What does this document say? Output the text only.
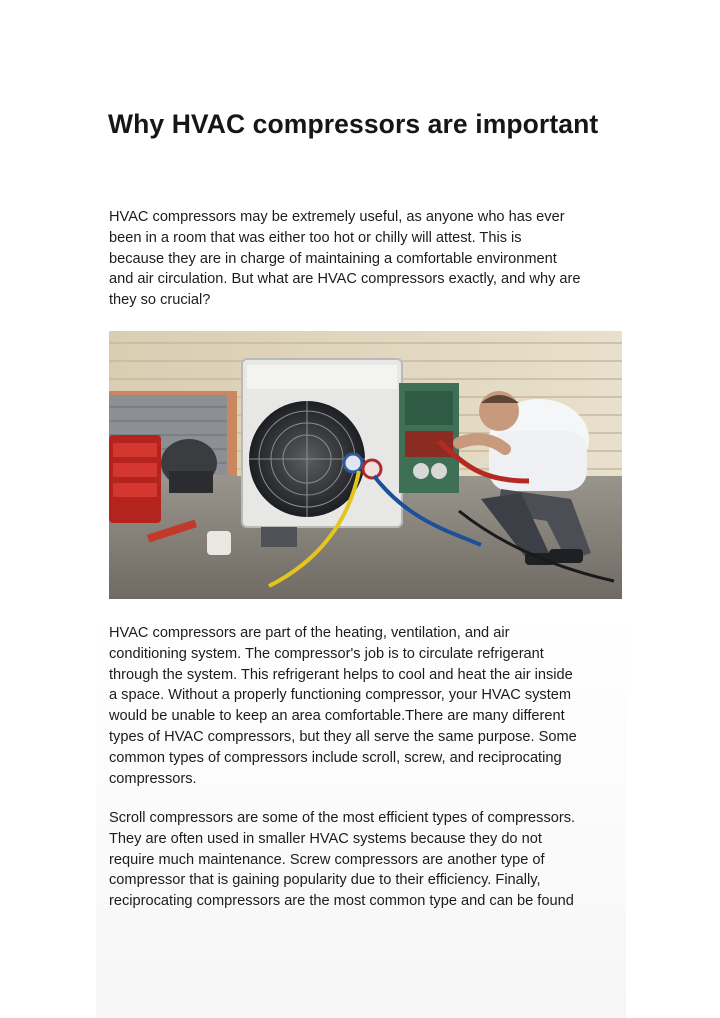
Why HVAC compressors are important

HVAC compressors may be extremely useful, as anyone who has ever
been in a room that was either too hot or chilly will attest. This is
because they are in charge of maintaining a comfortable environment
and air circulation. But what are HVAC compressors exactly, and why are
they so crucial?

HVAC compressors are part of the heating, ventilation, and air
conditioning system. The compressor's job is to circulate refrigerant
through the system. This refrigerant helps to cool and heat the air inside
a space. Without a properly functioning compressor, your HVAC system
would be unable to keep an area comfortable.There are many different
types of HVAC compressors, but they all serve the same purpose. Some
common types of compressors include scroll, screw, and reciprocating
compressors.

Scroll compressors are some of the most efficient types of compressors.
They are often used in smaller HVAC systems because they do not
require much maintenance. Screw compressors are another type of
compressor that is gaining popularity due to their efficiency. Finally,
reciprocating compressors are the most common type and can be found
